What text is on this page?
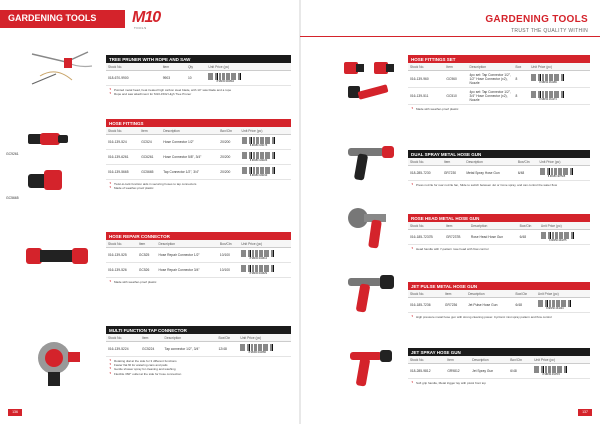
GARDENING TOOLS M10
TOOLS
TREE PRUNER WITH ROPE AND SAW
Stock No.	Item	Qty	Unit Price (pc)
018-670-9900	9903	10	8 98150 484664
▼ Pointed metal head, heat treated high carbon steel blade, with 14" saw blade and a rope
▼ Rope and saw attachment for M10-1502 High Tree Pruner
GC9261
GC5665
HOSE FITTINGS
Stock No.	Item	Description	Box/Ctn	Unit Price (pc)
016-139-524	GC524	Hose Connector 1/2"	20/200	8 98150 434176

016-139-6261	GC6261	Hose Connector 5/8", 3/4"	20/200	8 98150 434183

016-139-5665	GC5665	Tap Connector 1/2", 3/4"	20/200	8 98150 434190
▼ Twist-to-lock function aids in securing hoses to tap connectors
▼ Made of weather-proof plastic
HOSE REPAIR CONNECTOR
Stock No.	Item	Description	Box/Ctn	Unit Price (pc)
016-139-525	GC525	Hose Repair Connector 1/2"	10/100	8 98150 434312

016-139-526	GC526	Hose Repair Connector 3/4"	10/100	8 98150 434329
▼ Made with weather-proof plastic
MULTI FUNCTION TAP CONNECTOR
Stock No.	Item	Description	Box/Ctn	Unit Price (pc)
016-139-5224	GC5224	Tap connector 1/2", 3/4"	12/48	8 98150 434350
▼ Rotating dial at the side for 3 different functions
▼ Faster flat fill for watering cans and pails
▼ Gentle shower spray for cleaning and washing
▼ Flexible 360° outlet at the side for hose connection
136
GARDENING TOOLS
TRUST THE QUALITY WITHIN
HOSE FITTINGS SET
Stock No.	Item	Description	Box	Unit Price (pc)
016-139-960	GC960	4pc set: Tap Connector 1/2", 1/2" Hose Connector (x2), Nozzle	8	8 98150 434189

016-139-511	GC510	4pc set: Tap Connector 1/2", 3/4" Hose Connector (x2), Nozzle	8	8 98150 434174
▼ Made with weather-proof plastic
DUAL SPRAY METAL HOSE GUN
Stock No.	Item	Description	Box/Ctn	Unit Price (pc)
018-285-7230	GR7230	Metal Spray Hose Gun	6/48	8 98150 467525
▼ Press nozzle for rear nozzle fan, Slide to switch between Jet or Cone spray, and can control the water flow
ROSE HEAD METAL HOSE GUN
Stock No.	Item	Description	Box/Ctn	Unit Price (pc)
016-185-7237B	GR7237B	Rose Head Hose Gun	6/48	8 98150 434275
▼ Head handle with 7-pattern rose head with flow control
JET PULSE METAL HOSE GUN
Stock No.	Item	Description	Box/Ctn	Unit Price (pc)
016-185-7236	GR7236	Jet Pulse Hose Gun	6/48	8 98150 434404
▼ High pressure metal hose gun with strong cleaning power. Cyclonic mist spray pattern and flow control
JET SPRAY HOSE GUN
Stock No.	Item	Description	Box/Ctn	Unit Price (pc)
018-285-9812	GR9812	Jet Spray Gun	6/48	8 98150 434715
▼ Soft grip handle, Metal trigger lay with pistol front top
137
